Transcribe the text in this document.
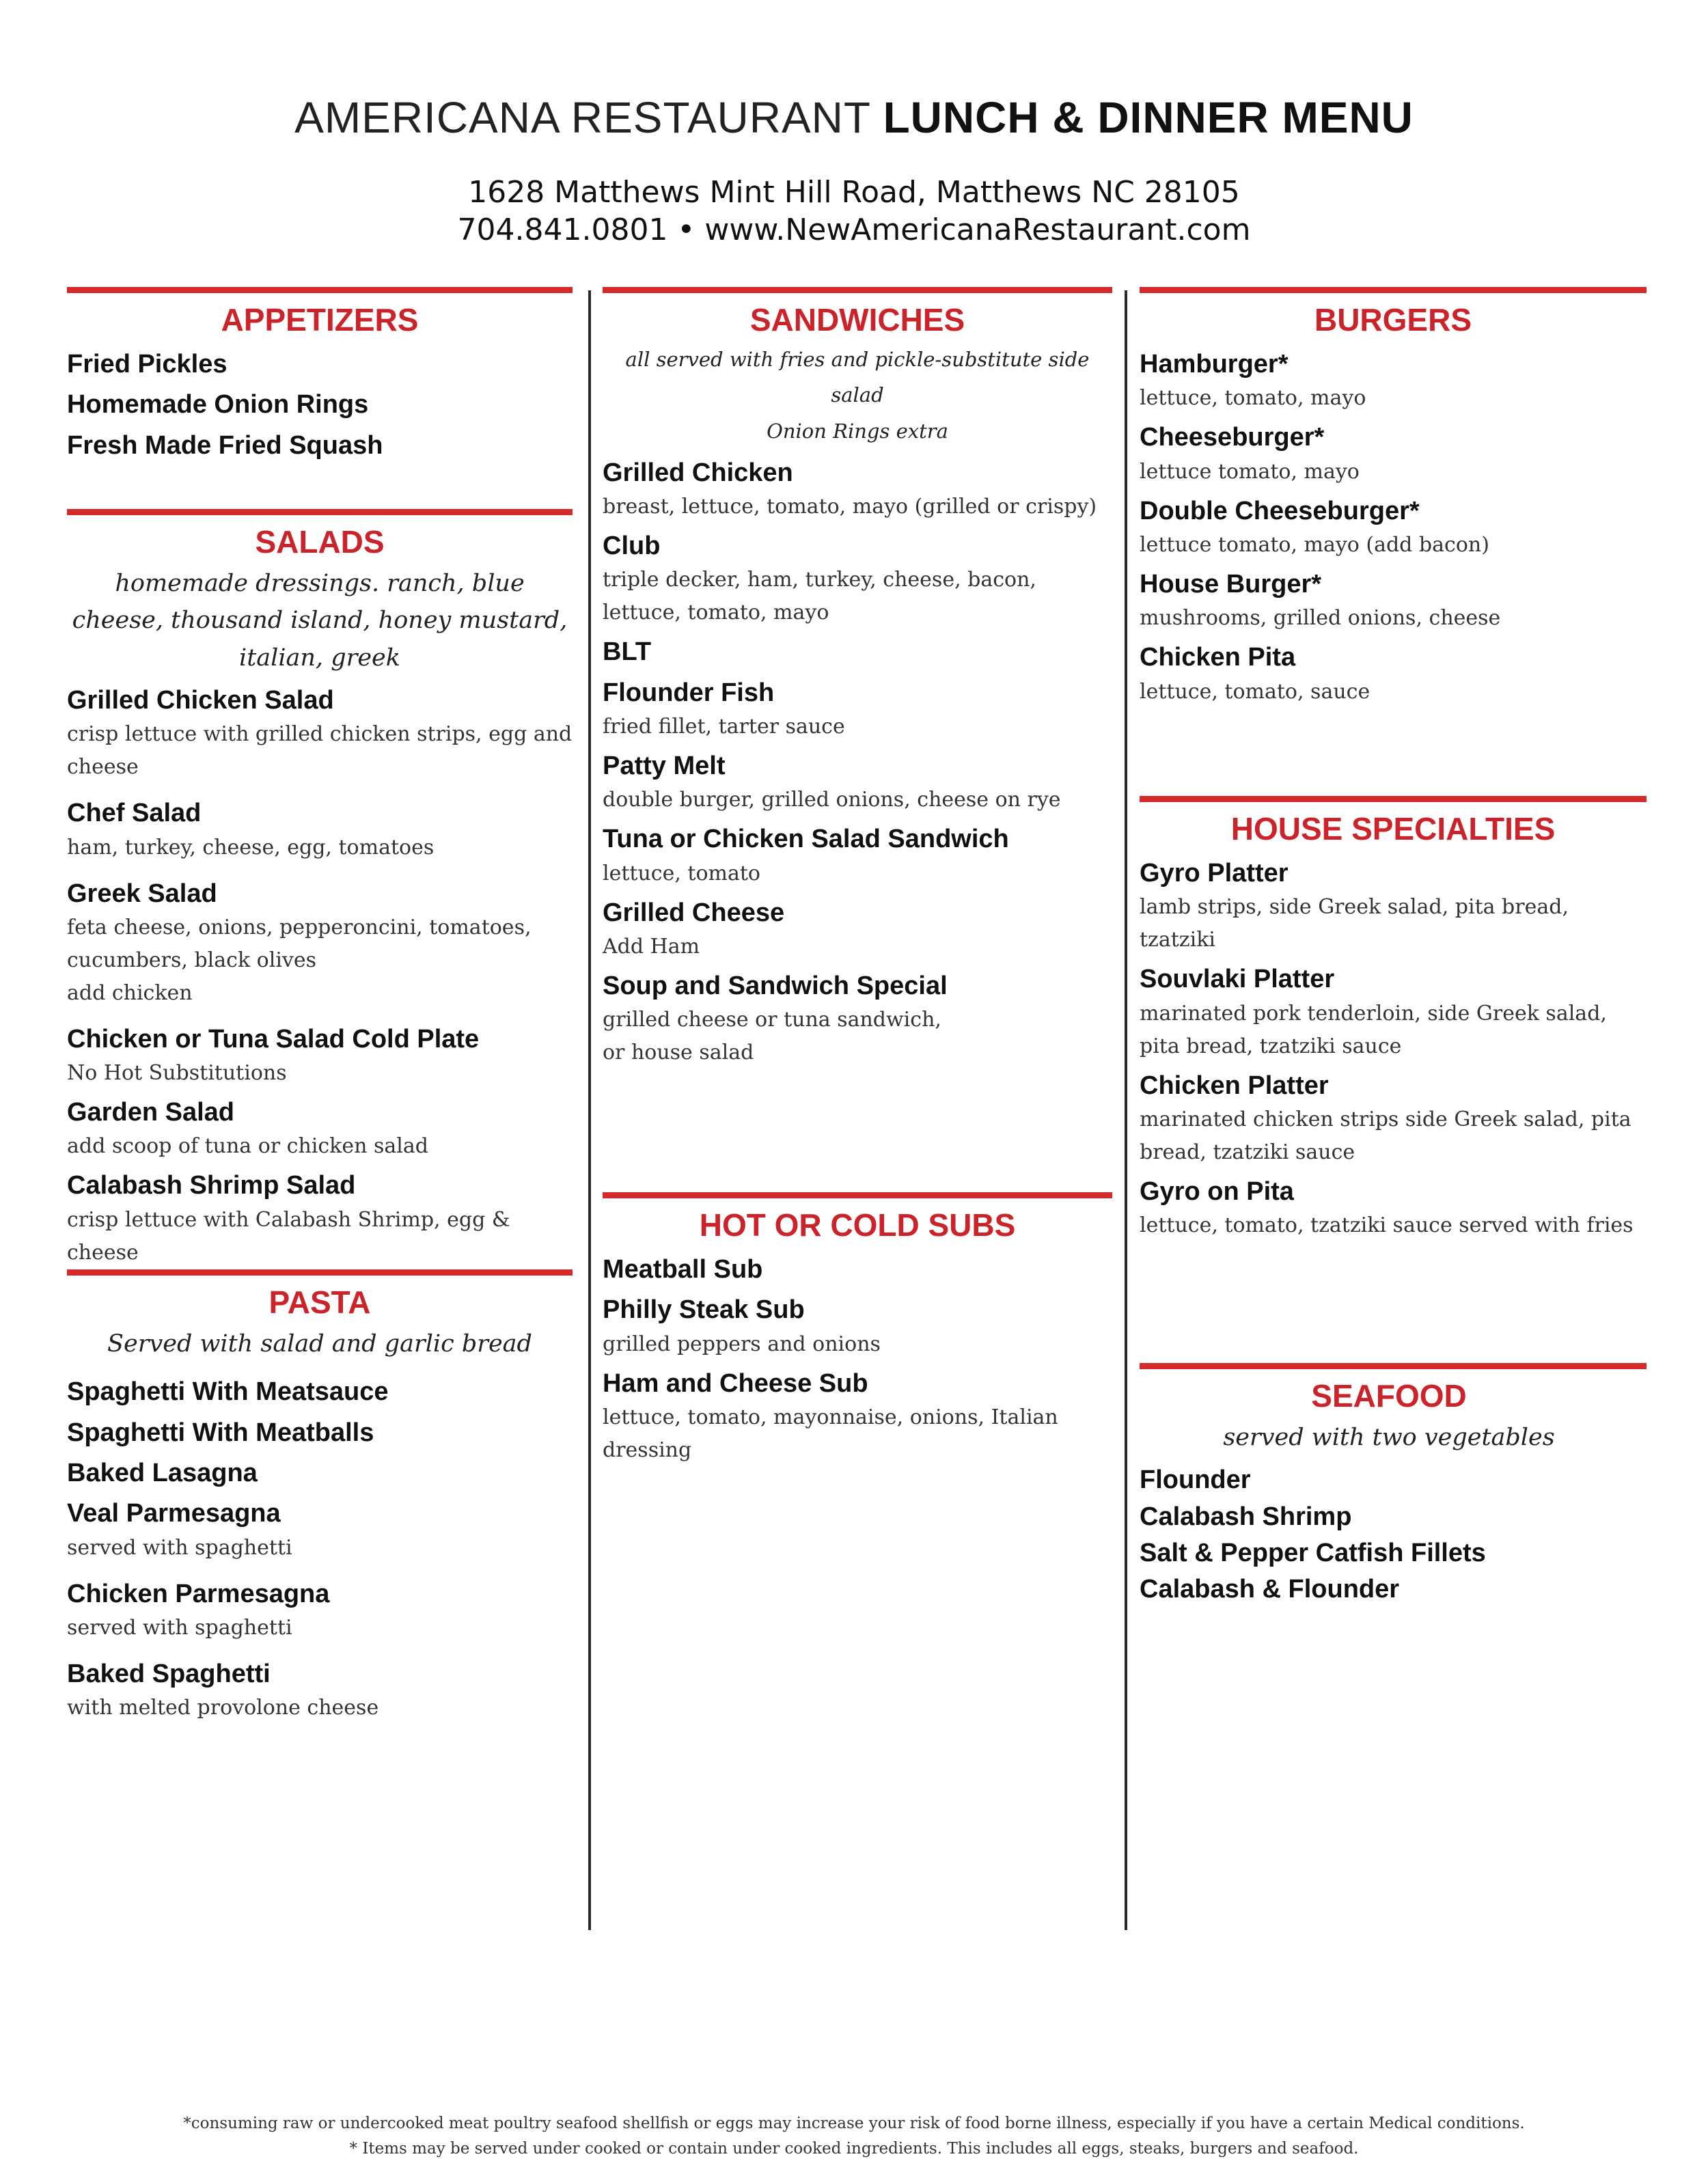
AMERICANA RESTAURANT LUNCH & DINNER MENU
1628 Matthews Mint Hill Road, Matthews NC 28105
704.841.0801 • www.NewAmericanaRestaurant.com
APPETIZERS
Fried Pickles
Homemade Onion Rings
Fresh Made Fried Squash
SALADS
homemade dressings. ranch, blue cheese, thousand island, honey mustard, italian, greek
Grilled Chicken Salad
crisp lettuce with grilled chicken strips, egg and cheese
Chef Salad
ham, turkey, cheese, egg, tomatoes
Greek Salad
feta cheese, onions, pepperoncini, tomatoes, cucumbers, black olives
add chicken
Chicken or Tuna Salad Cold Plate
No Hot Substitutions
Garden Salad
add scoop of tuna or chicken salad
Calabash Shrimp Salad
crisp lettuce with Calabash Shrimp, egg & cheese
PASTA
Served with salad and garlic bread
Spaghetti With Meatsauce
Spaghetti With Meatballs
Baked Lasagna
Veal Parmesagna
served with spaghetti
Chicken Parmesagna
served with spaghetti
Baked Spaghetti
with melted provolone cheese
SANDWICHES
all served with fries and pickle-substitute side salad
Onion Rings extra
Grilled Chicken
breast, lettuce, tomato, mayo (grilled or crispy)
Club
triple decker, ham, turkey, cheese, bacon, lettuce, tomato, mayo
BLT
Flounder Fish
fried fillet, tarter sauce
Patty Melt
double burger, grilled onions, cheese on rye
Tuna or Chicken Salad Sandwich
lettuce, tomato
Grilled Cheese
Add Ham
Soup and Sandwich Special
grilled cheese or tuna sandwich, or house salad
HOT OR COLD SUBS
Meatball Sub
Philly Steak Sub
grilled peppers and onions
Ham and Cheese Sub
lettuce, tomato, mayonnaise, onions, Italian dressing
BURGERS
Hamburger*
lettuce, tomato, mayo
Cheeseburger*
lettuce tomato, mayo
Double Cheeseburger*
lettuce tomato, mayo (add bacon)
House Burger*
mushrooms, grilled onions, cheese
Chicken Pita
lettuce, tomato, sauce
HOUSE SPECIALTIES
Gyro Platter
lamb strips, side Greek salad, pita bread, tzatziki
Souvlaki Platter
marinated pork tenderloin, side Greek salad, pita bread, tzatziki sauce
Chicken Platter
marinated chicken strips side Greek salad, pita bread, tzatziki sauce
Gyro on Pita
lettuce, tomato, tzatziki sauce served with fries
SEAFOOD
served with two vegetables
Flounder
Calabash Shrimp
Salt & Pepper Catfish Fillets
Calabash & Flounder
*consuming raw or undercooked meat poultry seafood shellfish or eggs may increase your risk of food borne illness, especially if you have a certain Medical conditions.
* Items may be served under cooked or contain under cooked ingredients. This includes all eggs, steaks, burgers and seafood.
